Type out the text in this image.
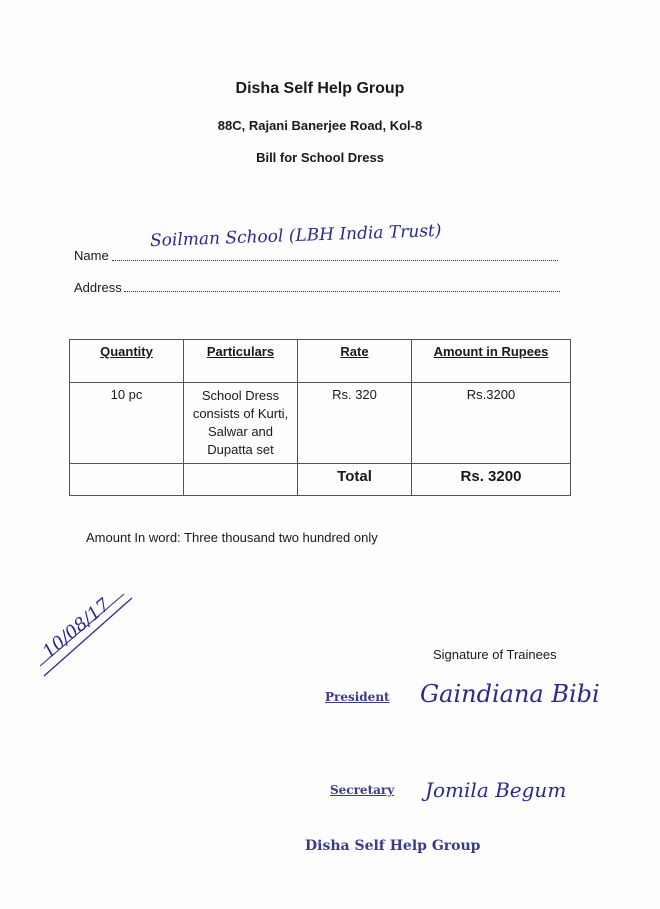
Disha Self Help Group
88C, Rajani Banerjee Road, Kol-8
Bill for School Dress
Name
Soilman School (LBH India Trust)
Address
Quantity	Particulars	Rate	Amount in Rupees
10 pc	School Dress consists of Kurti, Salwar and Dupatta set	Rs. 320	Rs.3200
		Total	Rs. 3200
Amount In word: Three thousand two hundred only
10/08/17	Signature of Trainees
President Gaindiana Bibi
Secretary Jomila Begum
Disha Self Help Group
